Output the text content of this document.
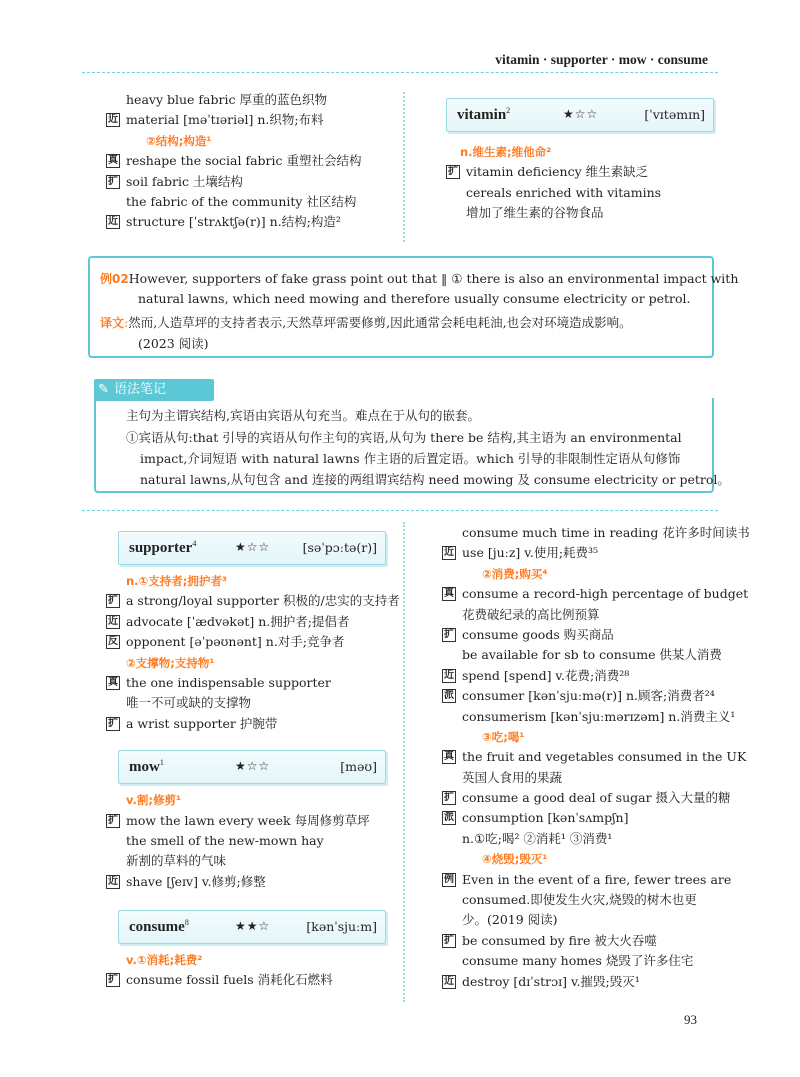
vitamin · supporter · mow · consume
heavy blue fabric 厚重的蓝色织物
近 material [məˈtɪəriəl] n.织物;布料
②结构;构造¹
真 reshape the social fabric 重塑社会结构
扩 soil fabric 土壤结构
the fabric of the community 社区结构
近 structure [ˈstrʌktʃə(r)] n.结构;构造²
vitamin$^2$	★☆☆	[ˈvɪtəmɪn]
n.维生素;维他命²
扩 vitamin deficiency 维生素缺乏
cereals enriched with vitamins
增加了维生素的谷物食品
例02However, supporters of fake grass point out that ‖ ① there is also an environmental impact with
natural lawns, which need mowing and therefore usually consume electricity or petrol.
译文:然而,人造草坪的支持者表示,天然草坪需要修剪,因此通常会耗电耗油,也会对环境造成影响。
(2023 阅读)
语法笔记
✎
主句为主谓宾结构,宾语由宾语从句充当。难点在于从句的嵌套。
①宾语从句:that 引导的宾语从句作主句的宾语,从句为 there be 结构,其主语为 an environmental
impact,介词短语 with natural lawns 作主语的后置定语。which 引导的非限制性定语从句修饰
natural lawns,从句包含 and 连接的两组谓宾结构 need mowing 及 consume electricity or petrol。
supporter$^4$	★☆☆	[səˈpɔːtə(r)]
n.①支持者;拥护者³
扩 a strong/loyal supporter 积极的/忠实的支持者
近 advocate [ˈædvəkət] n.拥护者;提倡者
反 opponent [əˈpəʊnənt] n.对手;竞争者
②支撑物;支持物¹
真 the one indispensable supporter
唯一不可或缺的支撑物
扩 a wrist supporter 护腕带
mow$^1$	★☆☆	[məʊ]
v.割;修剪¹
扩 mow the lawn every week 每周修剪草坪
the smell of the new-mown hay
新割的草料的气味
近 shave [ʃeɪv] v.修剪;修整
consume$^8$	★★☆	[kənˈsjuːm]
v.①消耗;耗费²
扩 consume fossil fuels 消耗化石燃料
consume much time in reading 花许多时间读书
近 use [juːz] v.使用;耗费³⁵
②消费;购买⁴
真 consume a record-high percentage of budget
花费破纪录的高比例预算
扩 consume goods 购买商品
be available for sb to consume 供某人消费
近 spend [spend] v.花费;消费²⁸
派 consumer [kənˈsjuːmə(r)] n.顾客;消费者²⁴
consumerism [kənˈsjuːmərɪzəm] n.消费主义¹
③吃;喝¹
真 the fruit and vegetables consumed in the UK
英国人食用的果蔬
扩 consume a good deal of sugar 摄入大量的糖
派 consumption [kənˈsʌmpʃn]
n.①吃;喝² ②消耗¹ ③消费¹
④烧毁;毁灭¹
例 Even in the event of a fire, fewer trees are
consumed.即使发生火灾,烧毁的树木也更
少。(2019 阅读)
扩 be consumed by fire 被大火吞噬
consume many homes 烧毁了许多住宅
近 destroy [dɪˈstrɔɪ] v.摧毁;毁灭¹
93
